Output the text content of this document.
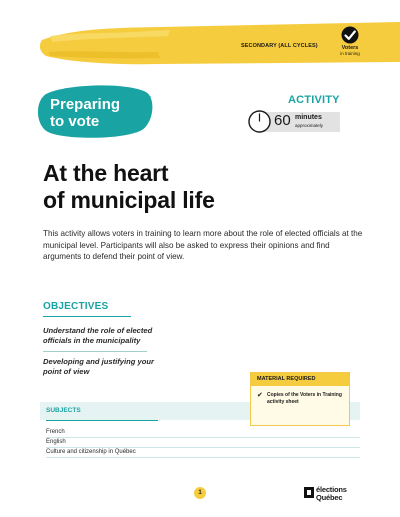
SECONDARY (ALL CYCLES)	Voters
in training
Preparing
to vote
ACTIVITY
60 minutes
approximately
At the heart
of municipal life

This activity allows voters in training to learn more about the role of elected officials at the municipal level. Participants will also be asked to express their opinions and find arguments to defend their point of view.

OBJECTIVES
Understand the role of elected officials in the municipality
Developing and justifying your point of view
SUBJECTS
French
English
Culture and citizenship in Québec
MATERIAL REQUIRED
✔ Copies of the Voters in Training activity sheet
1	élections
Québec
